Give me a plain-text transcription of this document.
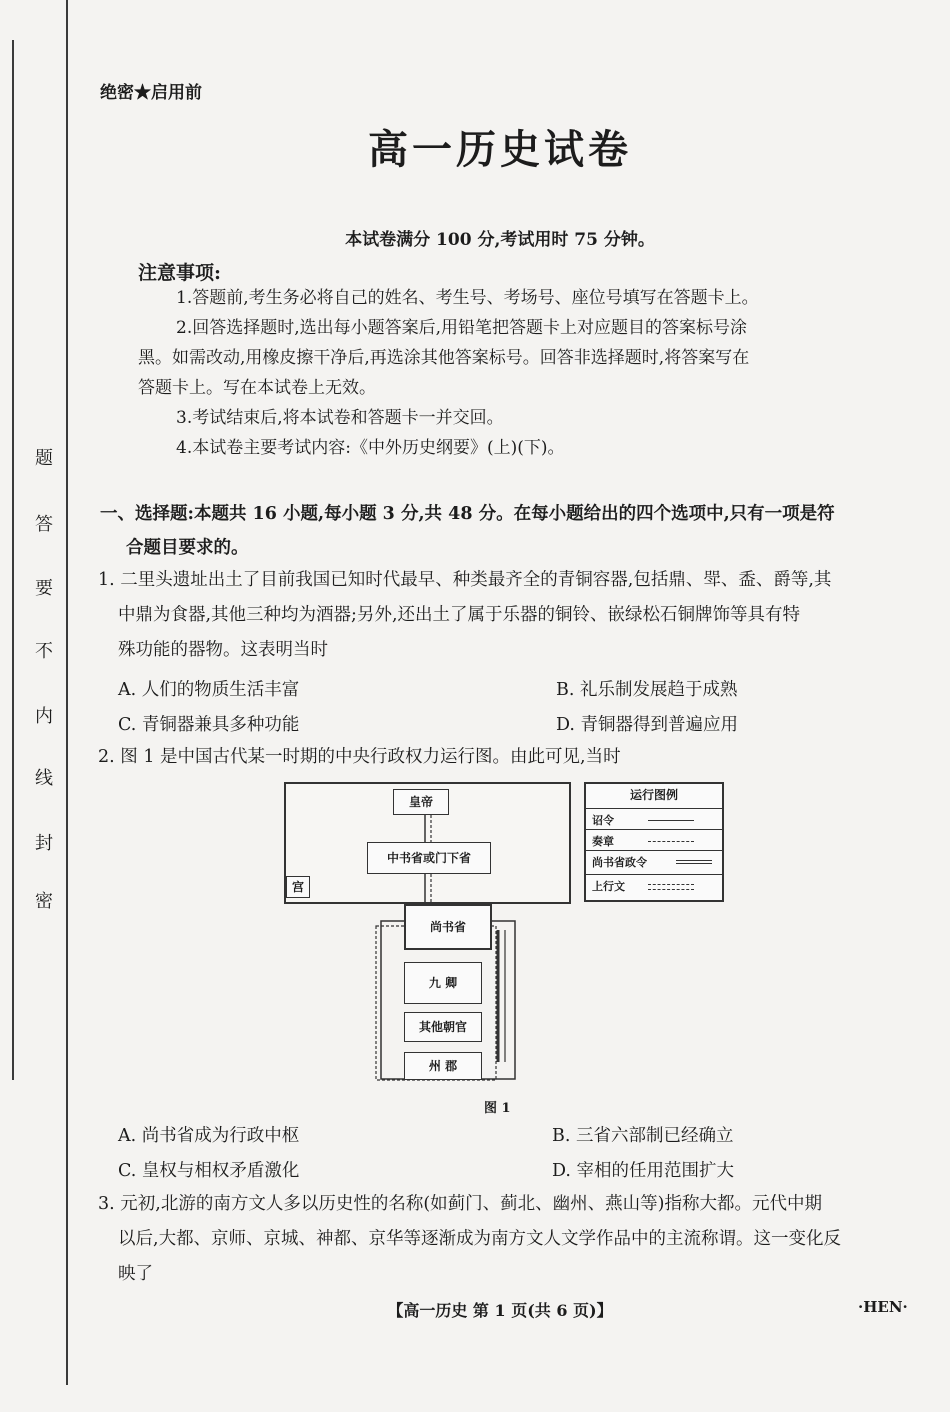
题
答
要
不
内
线
封
密
绝密★启用前
高一历史试卷
本试卷满分 100 分,考试用时 75 分钟。
注意事项:
1.答题前,考生务必将自己的姓名、考生号、考场号、座位号填写在答题卡上。
2.回答选择题时,选出每小题答案后,用铅笔把答题卡上对应题目的答案标号涂
黑。如需改动,用橡皮擦干净后,再选涂其他答案标号。回答非选择题时,将答案写在
答题卡上。写在本试卷上无效。
3.考试结束后,将本试卷和答题卡一并交回。
4.本试卷主要考试内容:《中外历史纲要》(上)(下)。
一、选择题:本题共 16 小题,每小题 3 分,共 48 分。在每小题给出的四个选项中,只有一项是符
合题目要求的。
1. 二里头遗址出土了目前我国已知时代最早、种类最齐全的青铜容器,包括鼎、斝、盉、爵等,其
中鼎为食器,其他三种均为酒器;另外,还出土了属于乐器的铜铃、嵌绿松石铜牌饰等具有特
殊功能的器物。这表明当时
A. 人们的物质生活丰富	B. 礼乐制发展趋于成熟
C. 青铜器兼具多种功能	D. 青铜器得到普遍应用
2. 图 1 是中国古代某一时期的中央行政权力运行图。由此可见,当时
宫
皇帝
中书省或门下省
尚书省
九 卿
其他朝官
州 郡
运行图例
诏令
奏章
尚书省政令
上行文
图 1
A. 尚书省成为行政中枢	B. 三省六部制已经确立
C. 皇权与相权矛盾激化	D. 宰相的任用范围扩大
3. 元初,北游的南方文人多以历史性的名称(如蓟门、蓟北、幽州、燕山等)指称大都。元代中期
以后,大都、京师、京城、神都、京华等逐渐成为南方文人文学作品中的主流称谓。这一变化反
映了
【高一历史 第 1 页(共 6 页)】	·HEN·
